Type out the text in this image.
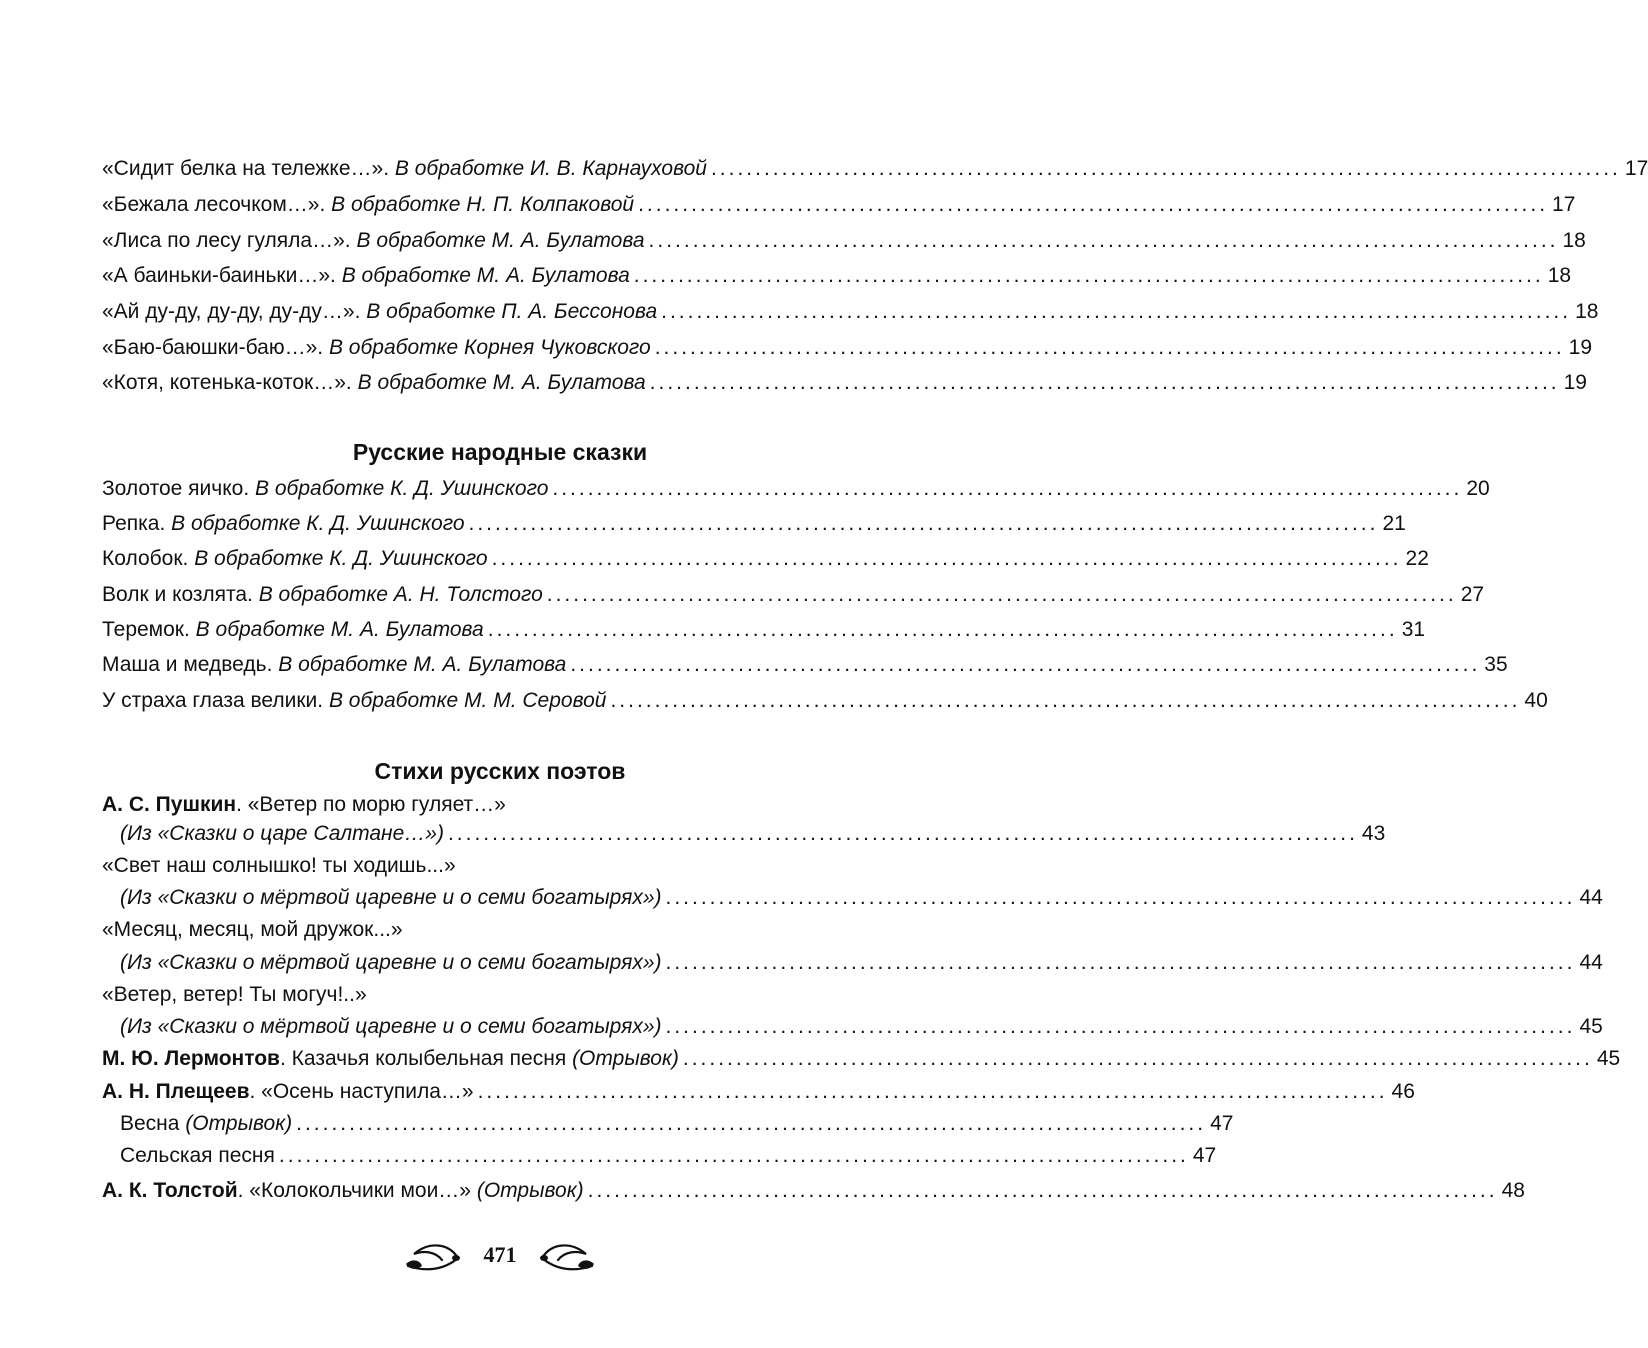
«Сидит белка на тележке…». В обработке И. В. Карнауховой ....................................................................................................... 17
«Бежала лесочком…». В обработке Н. П. Колпаковой ....................................................................................................... 17
«Лиса по лесу гуляла…». В обработке М. А. Булатова ....................................................................................................... 18
«А баиньки-баиньки…». В обработке М. А. Булатова ....................................................................................................... 18
«Ай ду-ду, ду-ду, ду-ду…». В обработке П. А. Бессонова ....................................................................................................... 18
«Баю-баюшки-баю…». В обработке Корнея Чуковского ....................................................................................................... 19
«Котя, котенька-коток…». В обработке М. А. Булатова ....................................................................................................... 19
Русские народные сказки
Золотое яичко. В обработке К. Д. Ушинского ....................................................................................................... 20
Репка. В обработке К. Д. Ушинского ....................................................................................................... 21
Колобок. В обработке К. Д. Ушинского ....................................................................................................... 22
Волк и козлята. В обработке А. Н. Толстого ....................................................................................................... 27
Теремок. В обработке М. А. Булатова ....................................................................................................... 31
Маша и медведь. В обработке М. А. Булатова ....................................................................................................... 35
У страха глаза велики. В обработке М. М. Серовой ....................................................................................................... 40
Стихи русских поэтов
А. С. Пушкин. «Ветер по морю гуляет…»
(Из «Сказки о царе Салтане…») ....................................................................................................... 43
«Свет наш солнышко! ты ходишь...»
(Из «Сказки о мёртвой царевне и о семи богатырях») ....................................................................................................... 44
«Месяц, месяц, мой дружок...»
(Из «Сказки о мёртвой царевне и о семи богатырях») ....................................................................................................... 44
«Ветер, ветер! Ты могуч!..»
(Из «Сказки о мёртвой царевне и о семи богатырях») ....................................................................................................... 45
М. Ю. Лермонтов. Казачья колыбельная песня (Отрывок) ....................................................................................................... 45
А. Н. Плещеев. «Осень наступила…» ....................................................................................................... 46
Весна (Отрывок) ....................................................................................................... 47
Сельская песня ....................................................................................................... 47
А. К. Толстой. «Колокольчики мои…» (Отрывок) ....................................................................................................... 48
471
